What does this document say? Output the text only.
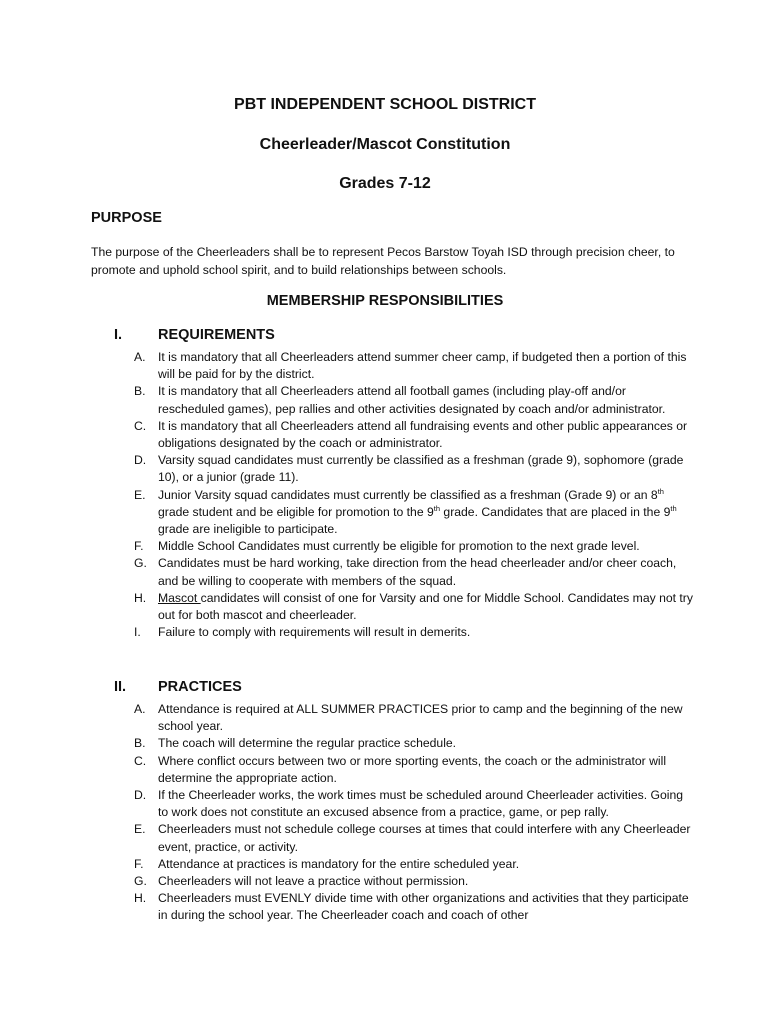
PBT INDEPENDENT SCHOOL DISTRICT
Cheerleader/Mascot Constitution
Grades 7-12
PURPOSE
The purpose of the Cheerleaders shall be to represent Pecos Barstow Toyah ISD through precision cheer, to promote and uphold school spirit, and to build relationships between schools.
MEMBERSHIP RESPONSIBILITIES
I. REQUIREMENTS
A.	It is mandatory that all Cheerleaders attend summer cheer camp, if budgeted then a portion of this will be paid for by the district.
B.	It is mandatory that all Cheerleaders attend all football games (including play-off and/or rescheduled games), pep rallies and other activities designated by coach and/or administrator.
C. It is mandatory that all Cheerleaders attend all fundraising events and other public appearances or obligations designated by the coach or administrator.
D. Varsity squad candidates must currently be classified as a freshman (grade 9), sophomore (grade 10), or a junior (grade 11).
E.	Junior Varsity squad candidates must currently be classified as a freshman (Grade 9) or an 8th grade student and be eligible for promotion to the 9th grade. Candidates that are placed in the 9th grade are ineligible to participate.
F.	Middle School Candidates must currently be eligible for promotion to the next grade level.
G. Candidates must be hard working, take direction from the head cheerleader and/or cheer coach, and be willing to cooperate with members of the squad.
H. Mascot candidates will consist of one for Varsity and one for Middle School. Candidates may not try out for both mascot and cheerleader.
I.	Failure to comply with requirements will result in demerits.
II. PRACTICES
A.	Attendance is required at ALL SUMMER PRACTICES prior to camp and the beginning of the new school year.
B.	The coach will determine the regular practice schedule.
C. Where conflict occurs between two or more sporting events, the coach or the administrator will determine the appropriate action.
D. If the Cheerleader works, the work times must be scheduled around Cheerleader activities. Going to work does not constitute an excused absence from a practice, game, or pep rally.
E.	Cheerleaders must not schedule college courses at times that could interfere with any Cheerleader event, practice, or activity.
F.	Attendance at practices is mandatory for the entire scheduled year.
G. Cheerleaders will not leave a practice without permission.
H. Cheerleaders must EVENLY divide time with other organizations and activities that they participate in during the school year. The Cheerleader coach and coach of other
